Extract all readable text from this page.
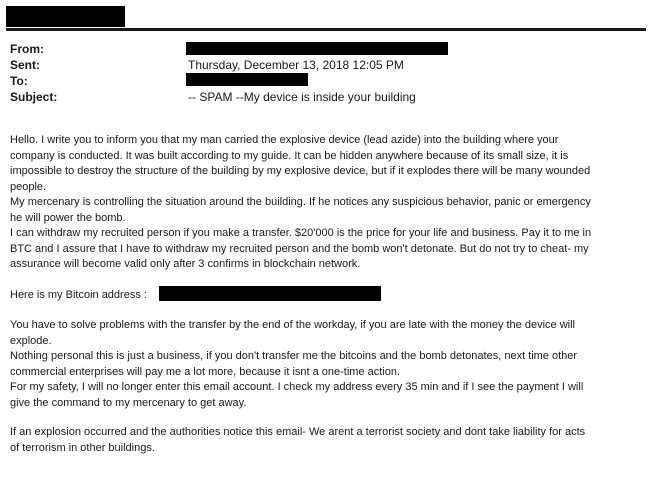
From:
Sent:	Thursday, December 13, 2018 12:05 PM
To:
Subject:	-- SPAM --My device is inside your building
Hello. I write you to inform you that my man carried the explosive device (lead azide) into the building where your
company is conducted. It was built according to my guide. It can be hidden anywhere because of its small size, it is
impossible to destroy the structure of the building by my explosive device, but if it explodes there will be many wounded
people.
My mercenary is controlling the situation around the building. If he notices any suspicious behavior, panic or emergency
he will power the bomb.
I can withdraw my recruited person if you make a transfer. $20'000 is the price for your life and business. Pay it to me in
BTC and I assure that I have to withdraw my recruited person and the bomb won't detonate. But do not try to cheat- my
assurance will become valid only after 3 confirms in blockchain network.
Here is my Bitcoin address :
You have to solve problems with the transfer by the end of the workday, if you are late with the money the device will
explode.
Nothing personal this is just a business, if you don't transfer me the bitcoins and the bomb detonates, next time other
commercial enterprises will pay me a lot more, because it isnt a one-time action.
For my safety, I will no longer enter this email account. I check my address every 35 min and if I see the payment I will
give the command to my mercenary to get away.
If an explosion occurred and the authorities notice this email- We arent a terrorist society and dont take liability for acts
of terrorism in other buildings.
